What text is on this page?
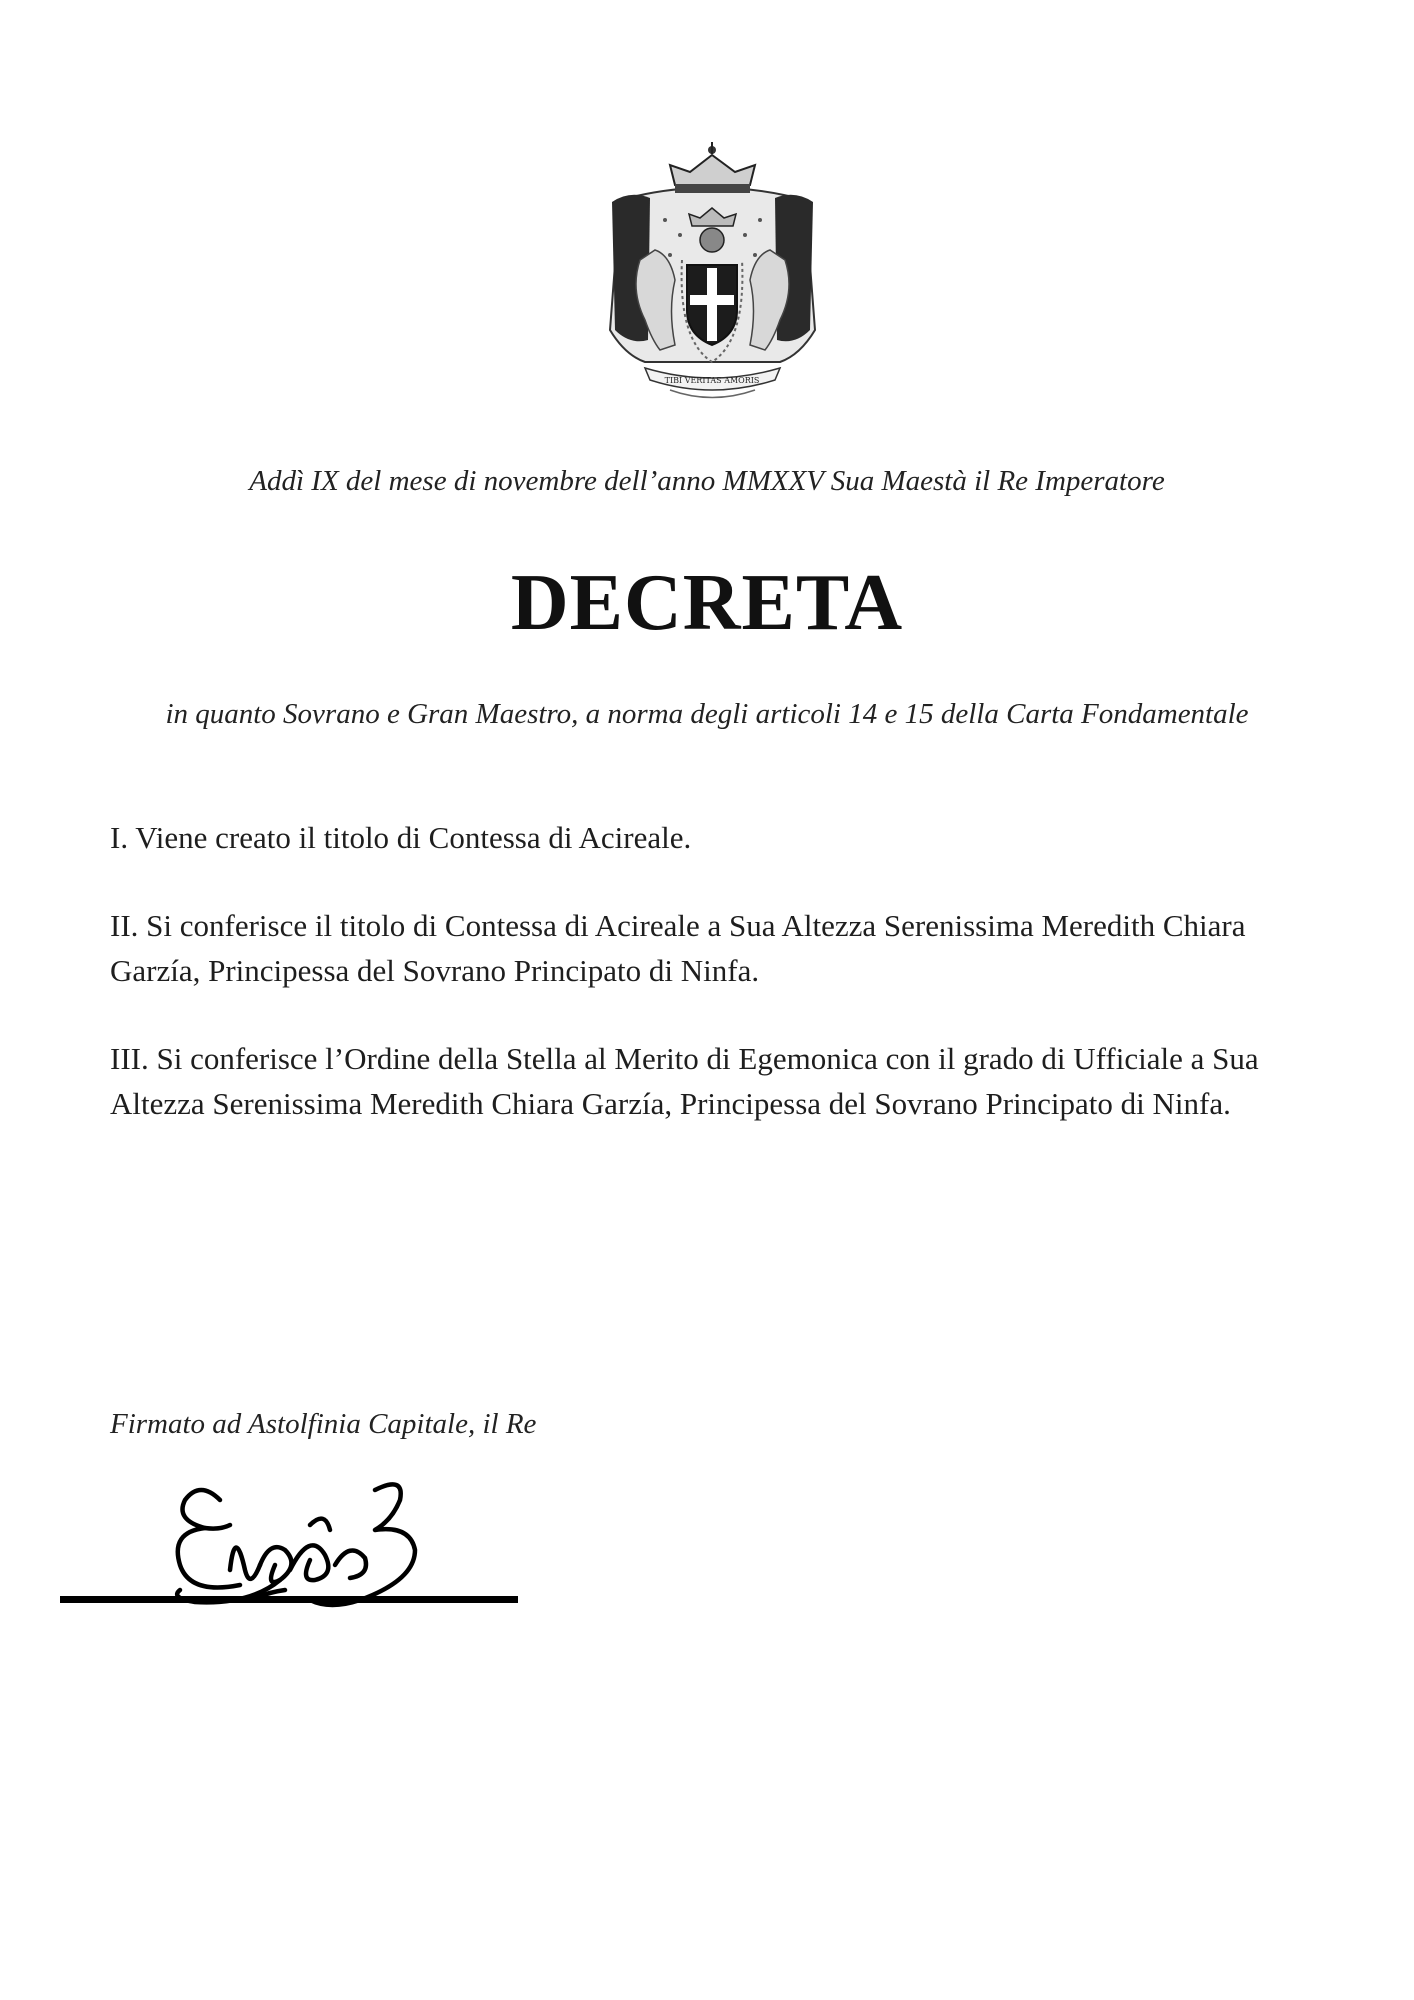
TIBI VERITAS AMORIS

Addì IX del mese di novembre dell’anno MMXXV Sua Maestà il Re Imperatore

DECRETA

in quanto Sovrano e Gran Maestro, a norma degli articoli 14 e 15 della Carta Fondamentale

I. Viene creato il titolo di Contessa di Acireale.
II. Si conferisce il titolo di Contessa di Acireale a Sua Altezza Serenissima Meredith Chiara Garzía, Principessa del Sovrano Principato di Ninfa.
III. Si conferisce l’Ordine della Stella al Merito di Egemonica con il grado di Ufficiale a Sua Altezza Serenissima Meredith Chiara Garzía, Principessa del Sovrano Principato di Ninfa.

Firmato ad Astolfinia Capitale, il Re
